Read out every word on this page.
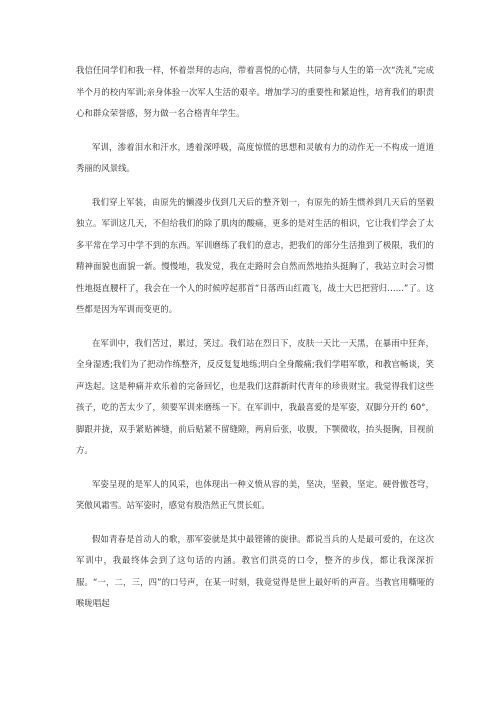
我信任同学们和我一样，怀着崇拜的志向，带着喜悦的心情，共同参与人生的第一次“洗礼”完成半个月的校内军训;亲身体验一次军人生活的艰辛。增加学习的重要性和紧迫性，培育我们的职责心和群众荣誉感，努力做一名合格青年学生。

军训，渗着泪水和汗水，透着深呼吸，高度惊慌的思想和灵敏有力的动作无一不构成一道道秀丽的风景线。

我们穿上军装，由原先的懒漫步伐到几天后的整齐划一，有原先的娇生惯养到几天后的坚毅独立。军训这几天，不但给我们的除了肌肉的酸痛，更多的是对生活的相识，它让我们学会了太多平常在学习中学不到的东西。军训磨练了我们的意志，把我们的部分生活推到了极限，我们的精神面貌也面貌一新。慢慢地，我发觉，我在走路时会自然而然地抬头挺胸了，我站立时会习惯性地挺直腰杆了，我会在一个人的时候哼起那首“日落西山红霞飞，战士大巴把营归……”了。这些都是因为军训而变更的。

在军训中，我们苦过，累过，笑过。我们站在烈日下，皮肤一天比一天黑，在暴雨中狂奔，全身湿透;我们为了把动作练整齐，反反复复地练;明白全身酸痛;我们学唱军歌，和教官畅谈，笑声迭起。这是种痛并欢乐着的完备回忆，也是我们这群新时代青年的珍贵财宝。我觉得我们这些孩子，吃的苦太少了，须要军训来磨练一下。在军训中，我最喜爱的是军姿，双脚分开约 60°，脚跟并拢，双手紧贴裤缝，前后贴紧不留缝隙，两肩后张，收腹，下颚微收，抬头挺胸，目视前方。

军姿呈现的是军人的风采，也体现出一种义愤从容的美，坚决，坚毅，坚定。硬骨傲苍穹，笑傲风霜雪。站军姿时，感觉有股浩然正气贯长虹。

假如青春是首动人的歌，那军姿就是其中最铿锵的旋律。都说当兵的人是最可爱的，在这次军训中，我最终体会到了这句话的内涵。教官们洪亮的口令，整齐的步伐，都让我深深折服。“一，二，三，四”的口号声，在某一时刻，我竟觉得是世上最好听的声音。当教官用嘶哑的喉咙唱起
